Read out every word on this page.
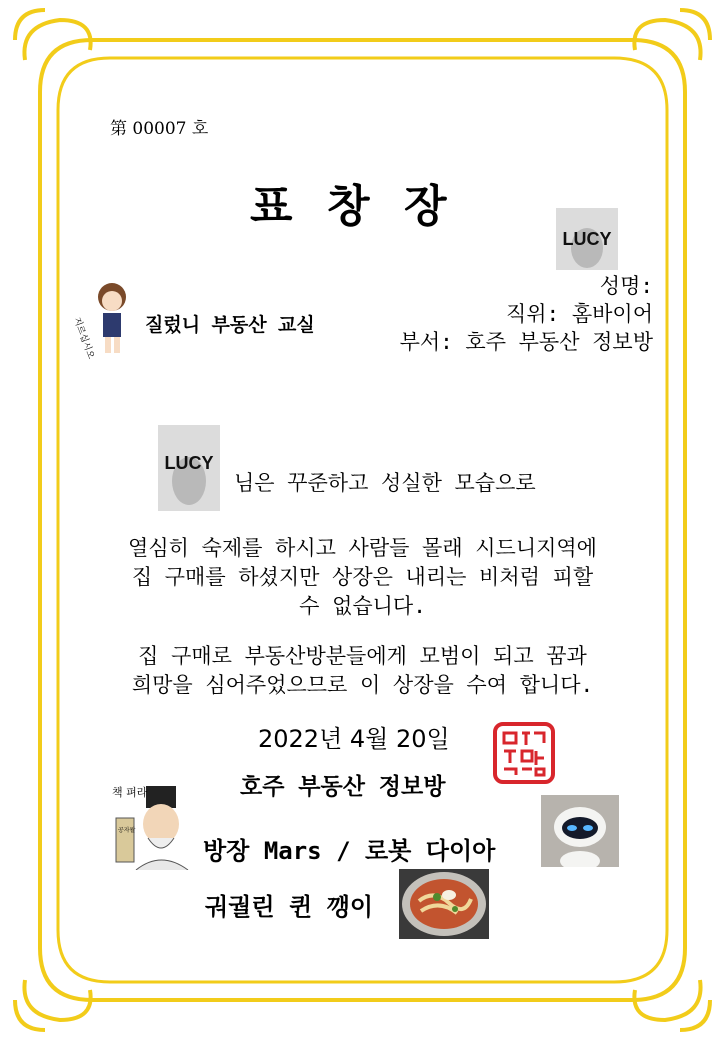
第 00007 호
표 창 장
LUCY
지르십시오	질렀니 부동산 교실
성명:
직위: 홈바이어
부서: 호주 부동산 정보방
LUCY
님은 꾸준하고 성실한 모습으로
열심히 숙제를 하시고 사람들 몰래 시드니지역에
집 구매를 하셨지만 상장은 내리는 비처럼 피할
수 없습니다.
집 구매로 부동산방분들에게 모범이 되고 꿈과
희망을 심어주었으므로 이 상장을 수여 합니다.
2022년 4월 20일
호주 부동산 정보방
책 펴라
공자왈
방장 Mars / 로봇 다이아
궈궐린 퀸 깽이
